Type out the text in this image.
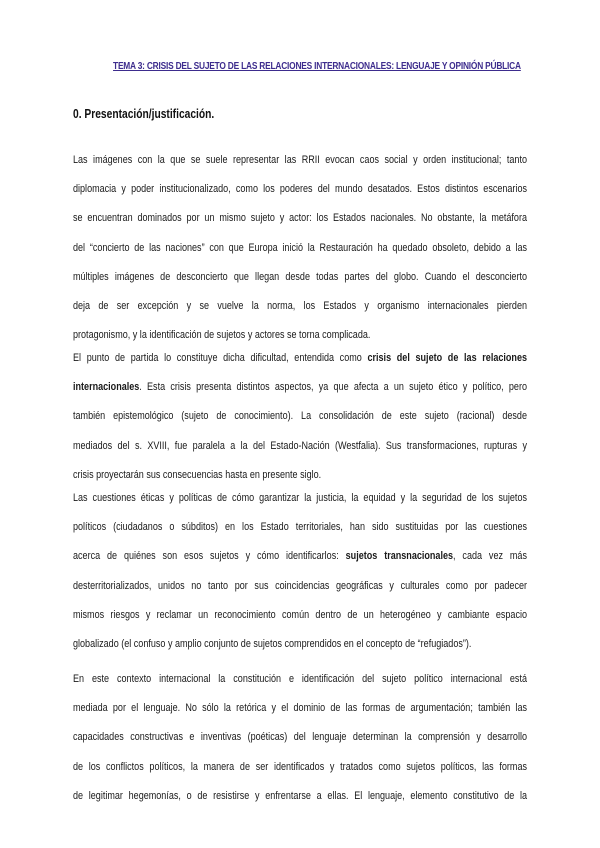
TEMA 3: CRISIS DEL SUJETO DE LAS RELACIONES INTERNACIONALES: LENGUAJE Y OPINIÓN PÚBLICA
0. Presentación/justificación.
Las imágenes con la que se suele representar las RRII evocan caos social y orden institucional; tanto
diplomacia y poder institucionalizado, como los poderes del mundo desatados. Estos distintos escenarios
se encuentran dominados por un mismo sujeto y actor: los Estados nacionales. No obstante, la metáfora
del “concierto de las naciones” con que Europa inició la Restauración ha quedado obsoleto, debido a las
múltiples imágenes de desconcierto que llegan desde todas partes del globo. Cuando el desconcierto
deja de ser excepción y se vuelve la norma, los Estados y organismo internacionales pierden
protagonismo, y la identificación de sujetos y actores se torna complicada.
El punto de partida lo constituye dicha dificultad, entendida como crisis del sujeto de las relaciones
internacionales. Esta crisis presenta distintos aspectos, ya que afecta a un sujeto ético y político, pero
también epistemológico (sujeto de conocimiento). La consolidación de este sujeto (racional) desde
mediados del s. XVIII, fue paralela a la del Estado-Nación (Westfalia). Sus transformaciones, rupturas y
crisis proyectarán sus consecuencias hasta en presente siglo.
Las cuestiones éticas y políticas de cómo garantizar la justicia, la equidad y la seguridad de los sujetos
políticos (ciudadanos o súbditos) en los Estado territoriales, han sido sustituidas por las cuestiones
acerca de quiénes son esos sujetos y cómo identificarlos: sujetos transnacionales, cada vez más
desterritorializados, unidos no tanto por sus coincidencias geográficas y culturales como por padecer
mismos riesgos y reclamar un reconocimiento común dentro de un heterogéneo y cambiante espacio
globalizado (el confuso y amplio conjunto de sujetos comprendidos en el concepto de “refugiados”).
En este contexto internacional la constitución e identificación del sujeto político internacional está
mediada por el lenguaje. No sólo la retórica y el dominio de las formas de argumentación; también las
capacidades constructivas e inventivas (poéticas) del lenguaje determinan la comprensión y desarrollo
de los conflictos políticos, la manera de ser identificados y tratados como sujetos políticos, las formas
de legitimar hegemonías, o de resistirse y enfrentarse a ellas. El lenguaje, elemento constitutivo de la
